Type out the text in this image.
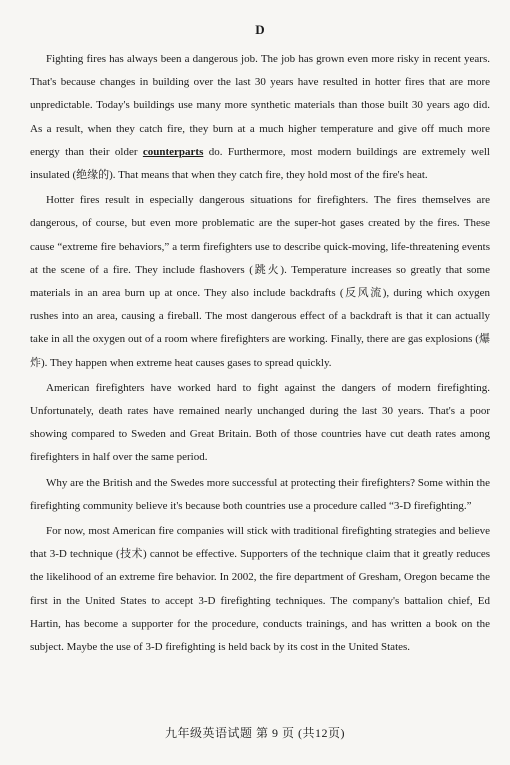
D

Fighting fires has always been a dangerous job. The job has grown even more risky in recent years. That's because changes in building over the last 30 years have resulted in hotter fires that are more unpredictable. Today's buildings use many more synthetic materials than those built 30 years ago did. As a result, when they catch fire, they burn at a much higher temperature and give off much more energy than their older counterparts do. Furthermore, most modern buildings are extremely well insulated (绝缘的). That means that when they catch fire, they hold most of the fire's heat.

Hotter fires result in especially dangerous situations for firefighters. The fires themselves are dangerous, of course, but even more problematic are the super-hot gases created by the fires. These cause “extreme fire behaviors,” a term firefighters use to describe quick-moving, life-threatening events at the scene of a fire. They include flashovers (跳火). Temperature increases so greatly that some materials in an area burn up at once. They also include backdrafts (反风流), during which oxygen rushes into an area, causing a fireball. The most dangerous effect of a backdraft is that it can actually take in all the oxygen out of a room where firefighters are working. Finally, there are gas explosions (爆炸). They happen when extreme heat causes gases to spread quickly.

American firefighters have worked hard to fight against the dangers of modern firefighting. Unfortunately, death rates have remained nearly unchanged during the last 30 years. That's a poor showing compared to Sweden and Great Britain. Both of those countries have cut death rates among firefighters in half over the same period.

Why are the British and the Swedes more successful at protecting their firefighters? Some within the firefighting community believe it's because both countries use a procedure called “3-D firefighting.”

For now, most American fire companies will stick with traditional firefighting strategies and believe that 3-D technique (技术) cannot be effective. Supporters of the technique claim that it greatly reduces the likelihood of an extreme fire behavior. In 2002, the fire department of Gresham, Oregon became the first in the United States to accept 3-D firefighting techniques. The company's battalion chief, Ed Hartin, has become a supporter for the procedure, conducts trainings, and has written a book on the subject. Maybe the use of 3-D firefighting is held back by its cost in the United States.

九年级英语试题 第 9 页 (共12页)
